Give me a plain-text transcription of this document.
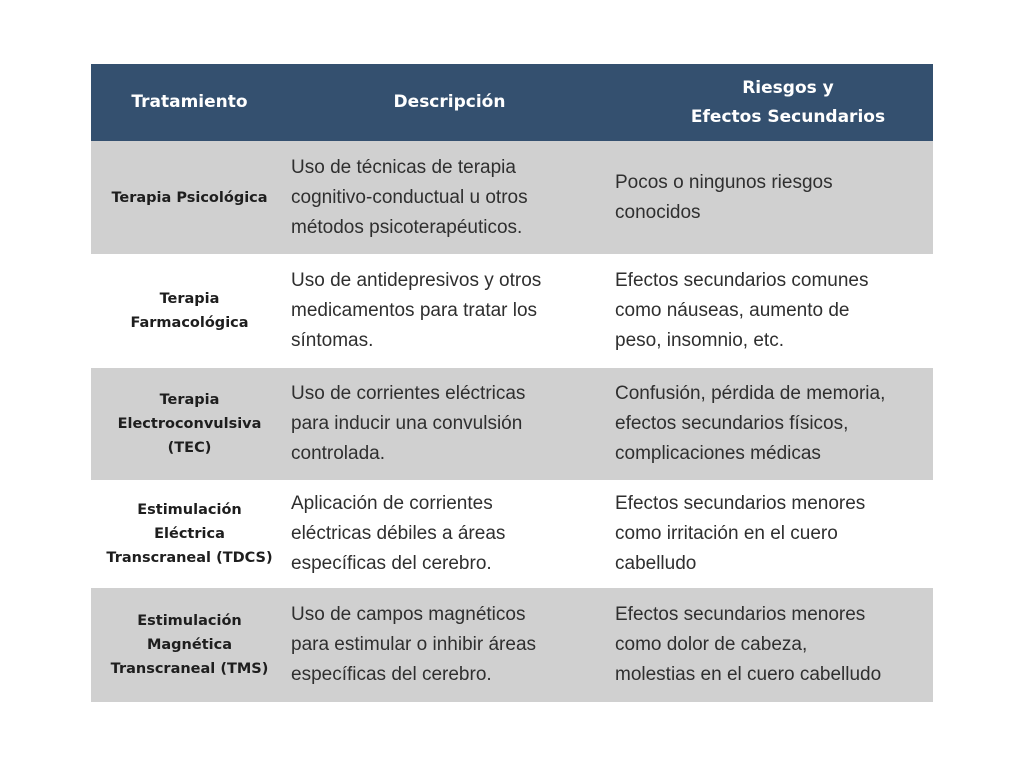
Tratamiento	Descripción	Riesgos y
Efectos Secundarios

Terapia Psicológica	Uso de técnicas de terapia
cognitivo-conductual u otros
métodos psicoterapéuticos.	Pocos o ningunos riesgos
conocidos

Terapia
Farmacológica	Uso de antidepresivos y otros
medicamentos para tratar los
síntomas.	Efectos secundarios comunes
como náuseas, aumento de
peso, insomnio, etc.

Terapia
Electroconvulsiva
(TEC)	Uso de corrientes eléctricas
para inducir una convulsión
controlada.	Confusión, pérdida de memoria,
efectos secundarios físicos,
complicaciones médicas

Estimulación
Eléctrica
Transcraneal (TDCS)	Aplicación de corrientes
eléctricas débiles a áreas
específicas del cerebro.	Efectos secundarios menores
como irritación en el cuero
cabelludo

Estimulación
Magnética
Transcraneal (TMS)	Uso de campos magnéticos
para estimular o inhibir áreas
específicas del cerebro.	Efectos secundarios menores
como dolor de cabeza,
molestias en el cuero cabelludo
